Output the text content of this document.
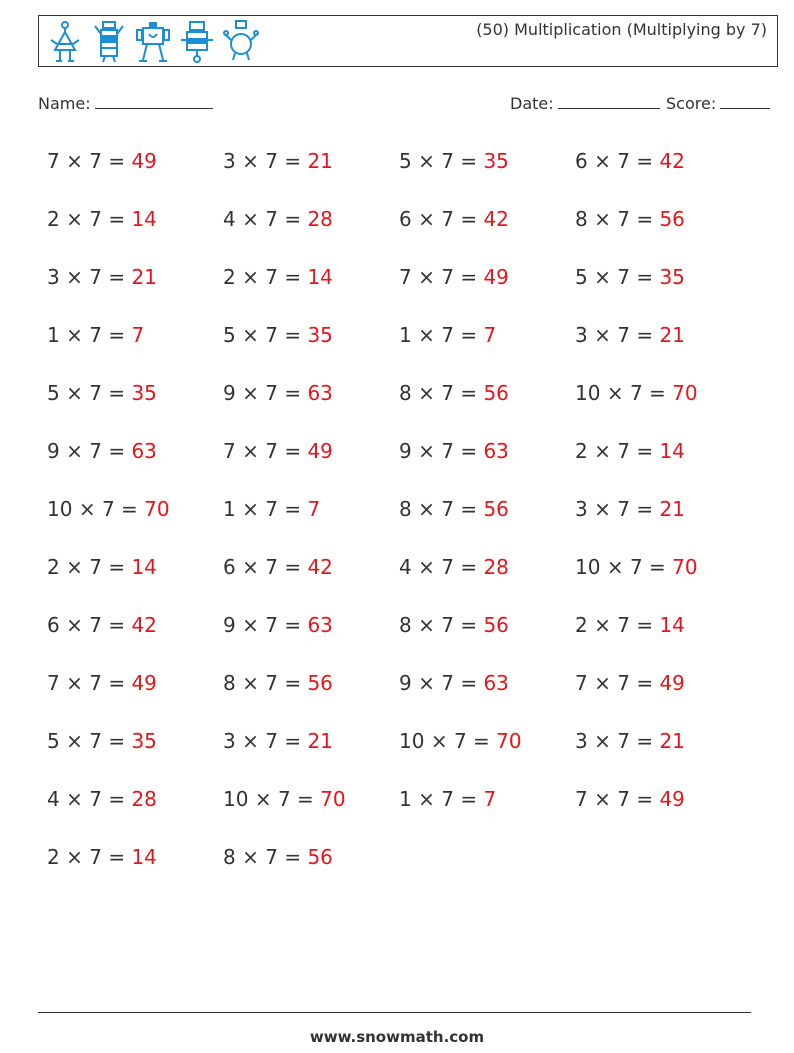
(50) Multiplication (Multiplying by 7)
Name:	Date:	Score:
7 × 7 = 49	3 × 7 = 21	5 × 7 = 35	6 × 7 = 42
2 × 7 = 14	4 × 7 = 28	6 × 7 = 42	8 × 7 = 56
3 × 7 = 21	2 × 7 = 14	7 × 7 = 49	5 × 7 = 35
1 × 7 = 7	5 × 7 = 35	1 × 7 = 7	3 × 7 = 21
5 × 7 = 35	9 × 7 = 63	8 × 7 = 56	10 × 7 = 70
9 × 7 = 63	7 × 7 = 49	9 × 7 = 63	2 × 7 = 14
10 × 7 = 70	1 × 7 = 7	8 × 7 = 56	3 × 7 = 21
2 × 7 = 14	6 × 7 = 42	4 × 7 = 28	10 × 7 = 70
6 × 7 = 42	9 × 7 = 63	8 × 7 = 56	2 × 7 = 14
7 × 7 = 49	8 × 7 = 56	9 × 7 = 63	7 × 7 = 49
5 × 7 = 35	3 × 7 = 21	10 × 7 = 70	3 × 7 = 21
4 × 7 = 28	10 × 7 = 70	1 × 7 = 7	7 × 7 = 49
2 × 7 = 14	8 × 7 = 56
www.snowmath.com
